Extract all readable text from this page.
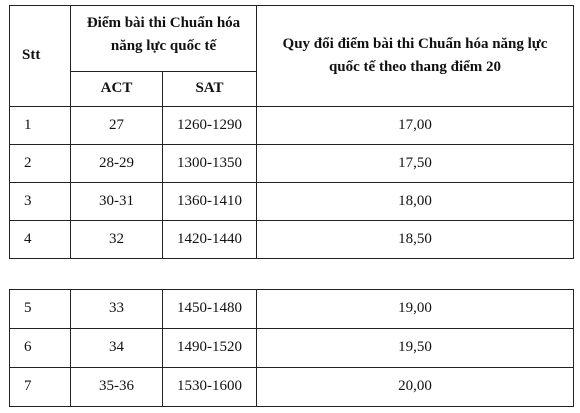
Stt	Điểm bài thi Chuẩn hóa năng lực quốc tế		Quy đổi điểm bài thi Chuẩn hóa năng lực quốc tế theo thang điểm 20
	ACT	SAT	
1	27	1260-1290	17,00
2	28-29	1300-1350	17,50
3	30-31	1360-1410	18,00
4	32	1420-1440	18,50
5	33	1450-1480	19,00
6	34	1490-1520	19,50
7	35-36	1530-1600	20,00
